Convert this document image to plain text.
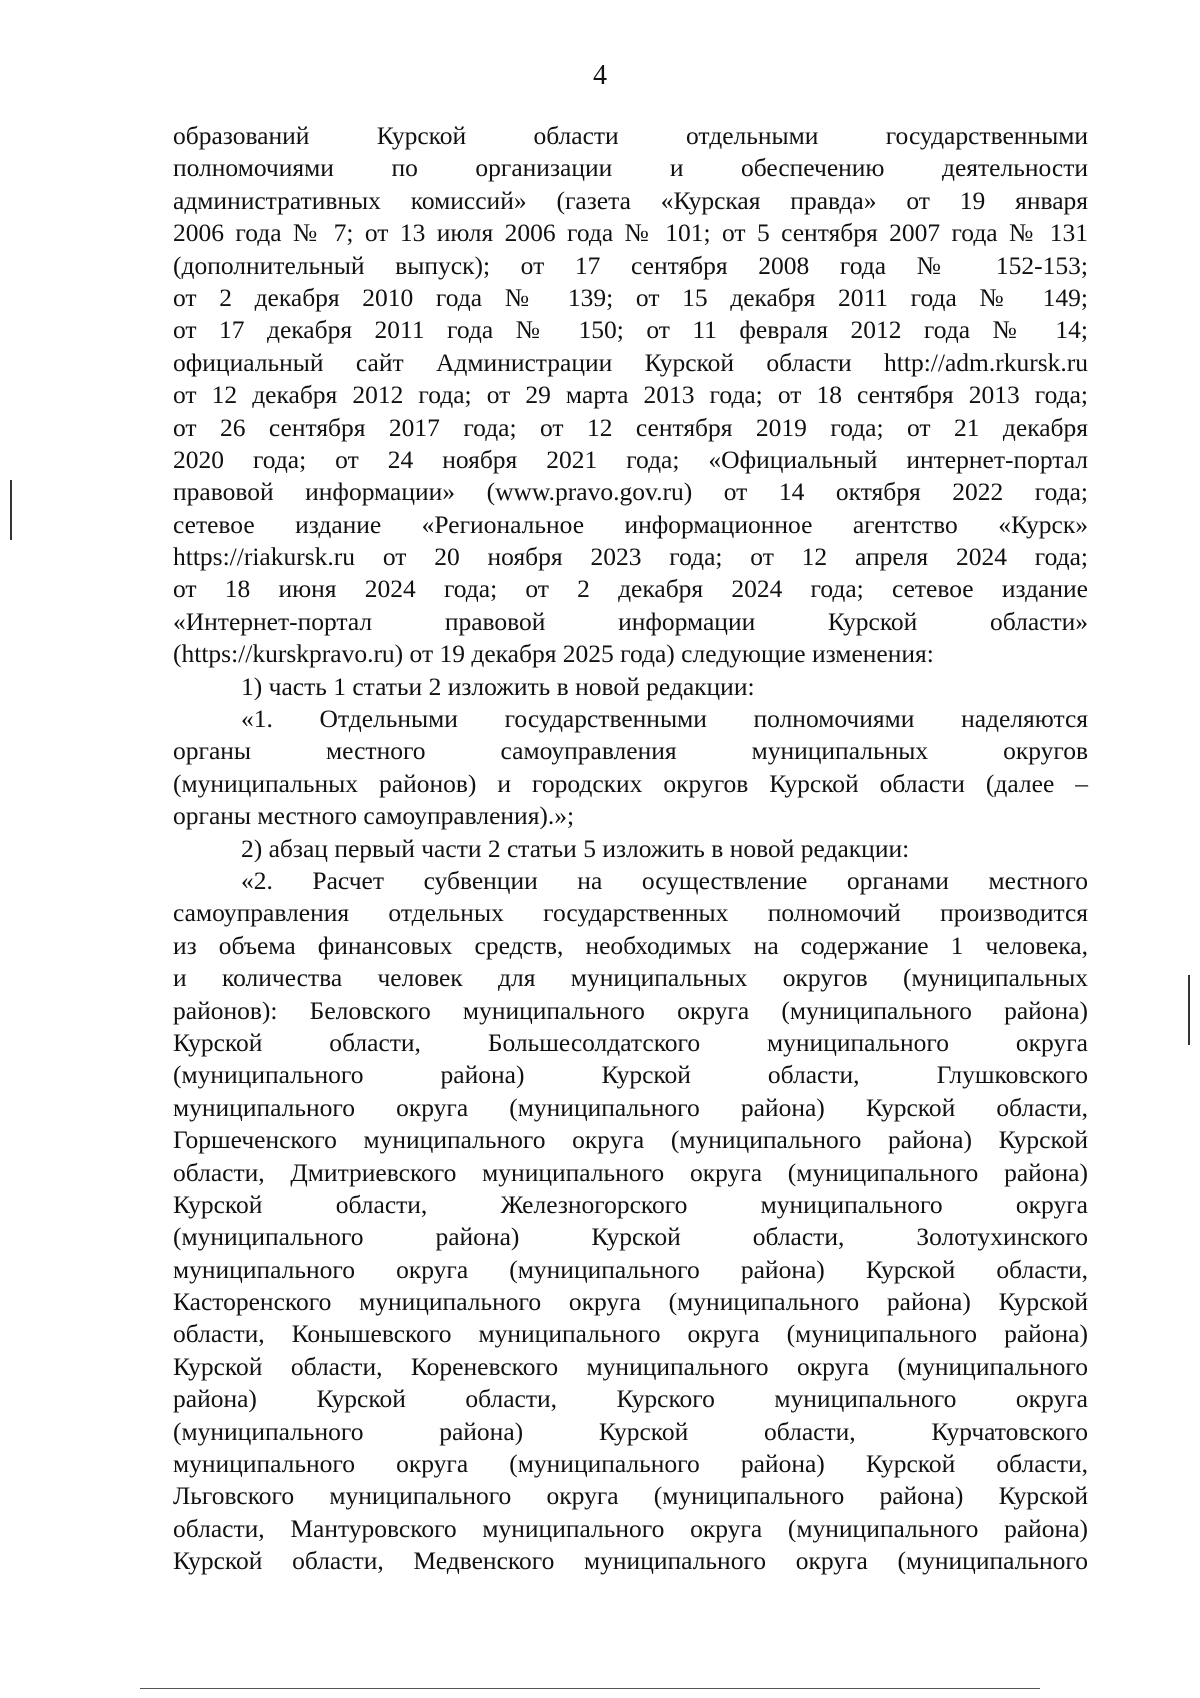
4
образований Курской области отдельными государственными
полномочиями по организации и обеспечению деятельности
административных комиссий» (газета «Курская правда» от 19 января
2006 года № 7; от 13 июля 2006 года № 101; от 5 сентября 2007 года № 131
(дополнительный выпуск); от 17 сентября 2008 года № 152-153;
от 2 декабря 2010 года № 139; от 15 декабря 2011 года № 149;
от 17 декабря 2011 года № 150; от 11 февраля 2012 года № 14;
официальный сайт Администрации Курской области http://adm.rkursk.ru
от 12 декабря 2012 года; от 29 марта 2013 года; от 18 сентября 2013 года;
от 26 сентября 2017 года; от 12 сентября 2019 года; от 21 декабря
2020 года; от 24 ноября 2021 года; «Официальный интернет-портал
правовой информации» (www.pravo.gov.ru) от 14 октября 2022 года;
сетевое издание «Региональное информационное агентство «Курск»
https://riakursk.ru от 20 ноября 2023 года; от 12 апреля 2024 года;
от 18 июня 2024 года; от 2 декабря 2024 года; сетевое издание
«Интернет-портал правовой информации Курской области»
(https://kurskpravo.ru) от 19 декабря 2025 года) следующие изменения:
1) часть 1 статьи 2 изложить в новой редакции:
«1. Отдельными государственными полномочиями наделяются
органы местного самоуправления муниципальных округов
(муниципальных районов) и городских округов Курской области (далее –
органы местного самоуправления).»;
2) абзац первый части 2 статьи 5 изложить в новой редакции:
«2. Расчет субвенции на осуществление органами местного
самоуправления отдельных государственных полномочий производится
из объема финансовых средств, необходимых на содержание 1 человека,
и количества человек для муниципальных округов (муниципальных
районов): Беловского муниципального округа (муниципального района)
Курской области, Большесолдатского муниципального округа
(муниципального района) Курской области, Глушковского
муниципального округа (муниципального района) Курской области,
Горшеченского муниципального округа (муниципального района) Курской
области, Дмитриевского муниципального округа (муниципального района)
Курской области, Железногорского муниципального округа
(муниципального района) Курской области, Золотухинского
муниципального округа (муниципального района) Курской области,
Касторенского муниципального округа (муниципального района) Курской
области, Конышевского муниципального округа (муниципального района)
Курской области, Кореневского муниципального округа (муниципального
района) Курской области, Курского муниципального округа
(муниципального района) Курской области, Курчатовского
муниципального округа (муниципального района) Курской области,
Льговского муниципального округа (муниципального района) Курской
области, Мантуровского муниципального округа (муниципального района)
Курской области, Медвенского муниципального округа (муниципального
